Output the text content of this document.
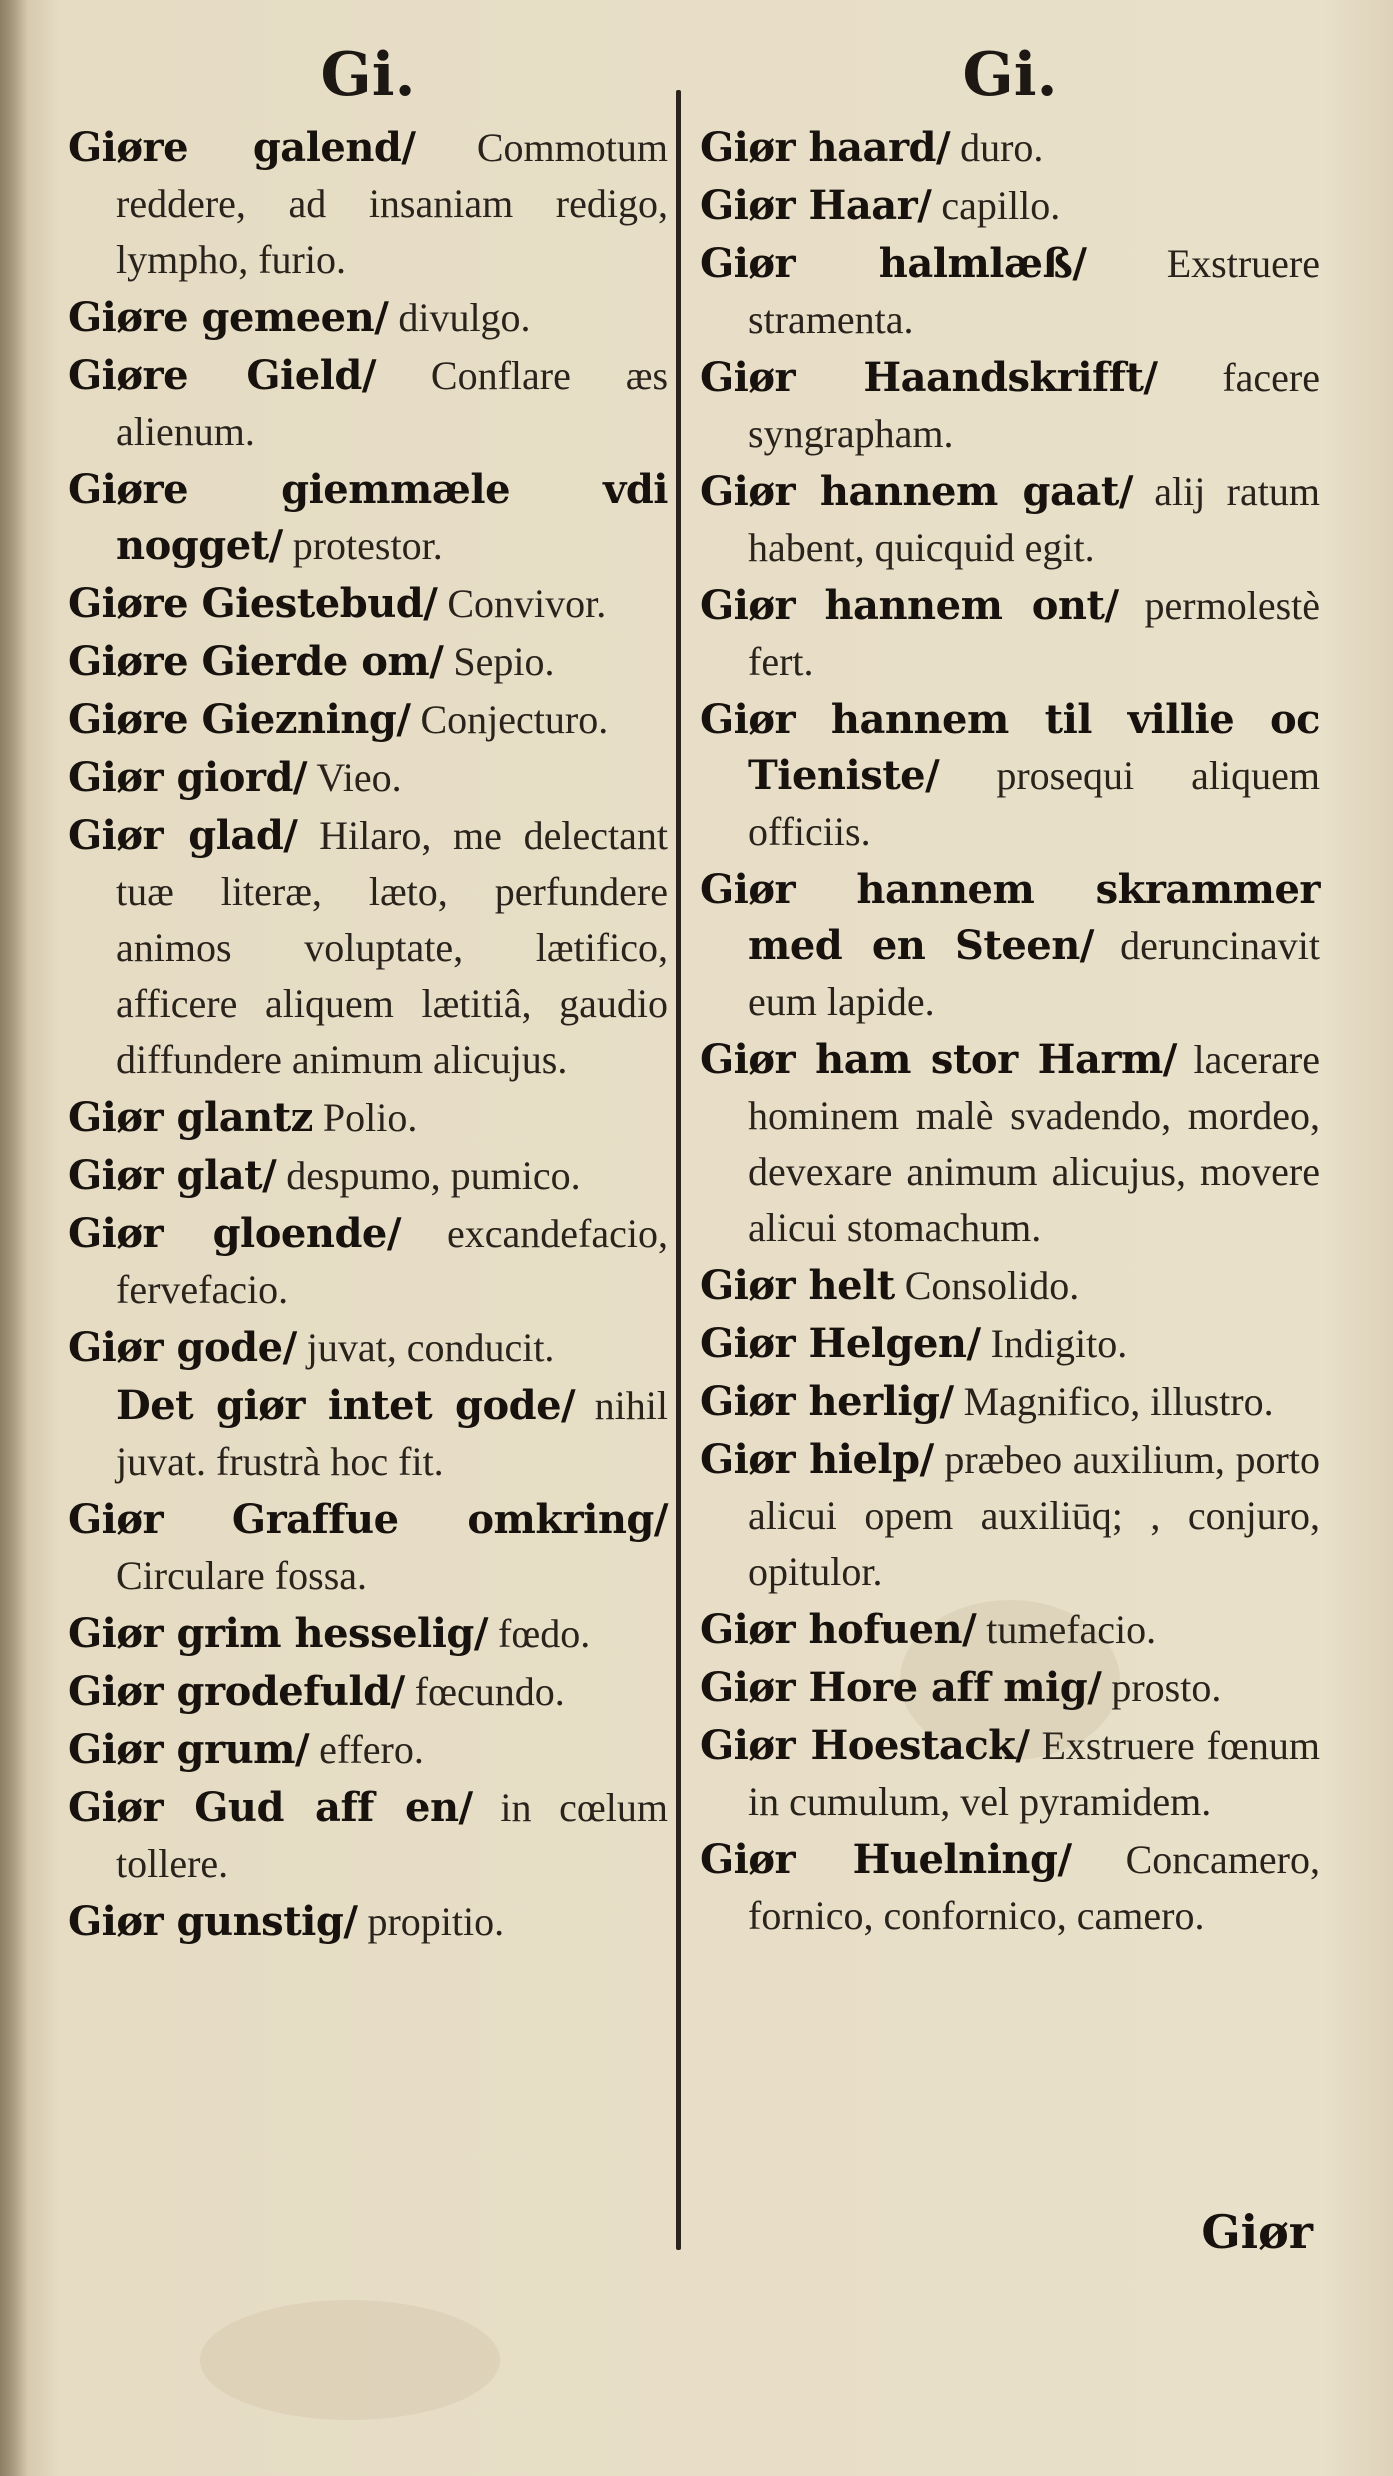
Gi.
Giøre galend/ Commotum reddere, ad insaniam redigo, lympho, furio.
Giøre gemeen/ divulgo.
Giøre Gield/ Conflare æs alienum.
Giøre giemmæle vdi nogget/ protestor.
Giøre Giestebud/ Convivor.
Giøre Gierde om/ Sepio.
Giøre Giezning/ Conjecturo.
Giør giord/ Vieo.
Giør glad/ Hilaro, me delectant tuæ literæ, læto, perfundere animos voluptate, lætifico, afficere aliquem lætitiâ, gaudio diffundere animum alicujus.
Giør glantz Polio.
Giør glat/ despumo, pumico.
Giør gloende/ excandefacio, fervefacio.
Giør gode/ juvat, conducit.
Det giør intet gode/ nihil juvat. frustrà hoc fit.
Giør Graffue omkring/ Circulare fossa.
Giør grim hesselig/ fœdo.
Giør grodefuld/ fœcundo.
Giør grum/ effero.
Giør Gud aff en/ in cœlum tollere.
Giør gunstig/ propitio.
Gi.
Giør haard/ duro.
Giør Haar/ capillo.
Giør halmlæß/ Exstruere stramenta.
Giør Haandskrifft/ facere syngrapham.
Giør hannem gaat/ alij ratum habent, quicquid egit.
Giør hannem ont/ permolestè fert.
Giør hannem til villie oc Tieniste/ prosequi aliquem officiis.
Giør hannem skrammer med en Steen/ deruncinavit eum lapide.
Giør ham stor Harm/ lacerare hominem malè svadendo, mordeo, devexare animum alicujus, movere alicui stomachum.
Giør helt Consolido.
Giør Helgen/ Indigito.
Giør herlig/ Magnifico, illustro.
Giør hielp/ præbeo auxilium, porto alicui opem auxiliūq; , conjuro, opitulor.
Giør hofuen/ tumefacio.
Giør Hore aff mig/ prosto.
Giør Hoestack/ Exstruere fœnum in cumulum, vel pyramidem.
Giør Huelning/ Concamero, fornico, confornico, camero.
Giør
